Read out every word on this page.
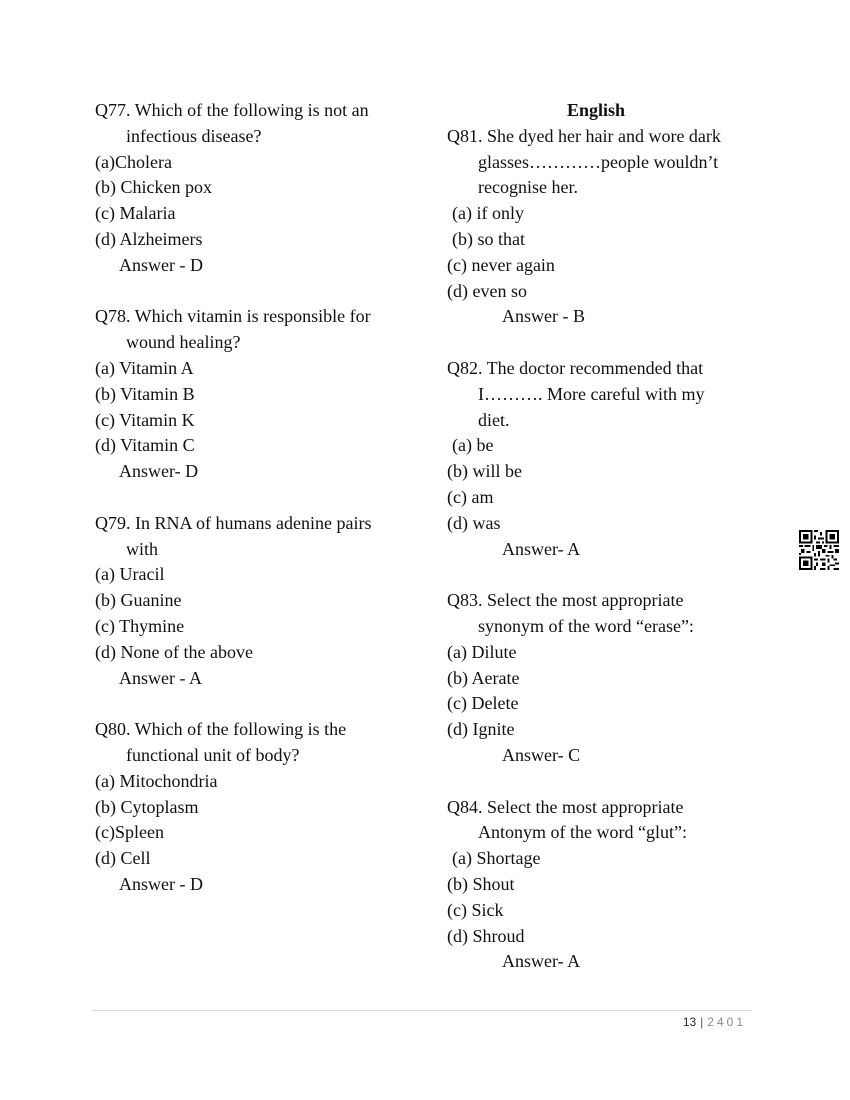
Q77. Which of the following is not an
infectious disease?
(a)Cholera
(b) Chicken pox
(c) Malaria
(d) Alzheimers
Answer - D
Q78. Which vitamin is responsible for
wound healing?
(a) Vitamin A
(b) Vitamin B
(c) Vitamin K
(d) Vitamin C
Answer- D
Q79. In RNA of humans adenine pairs
with
(a) Uracil
(b) Guanine
(c) Thymine
(d) None of the above
Answer - A
Q80. Which of the following is the
functional unit of body?
(a) Mitochondria
(b) Cytoplasm
(c)Spleen
(d) Cell
Answer - D
English
Q81. She dyed her hair and wore dark
glasses…………people wouldn’t
recognise her.
(a) if only
(b) so that
(c) never again
(d) even so
Answer - B
Q82. The doctor recommended that
I………. More careful with my
diet.
(a) be
(b) will be
(c) am
(d) was
Answer- A
Q83. Select the most appropriate
synonym of the word “erase”:
(a) Dilute
(b) Aerate
(c) Delete
(d) Ignite
Answer- C
Q84. Select the most appropriate
Antonym of the word “glut”:
(a) Shortage
(b) Shout
(c) Sick
(d) Shroud
Answer- A
13 | 2401
